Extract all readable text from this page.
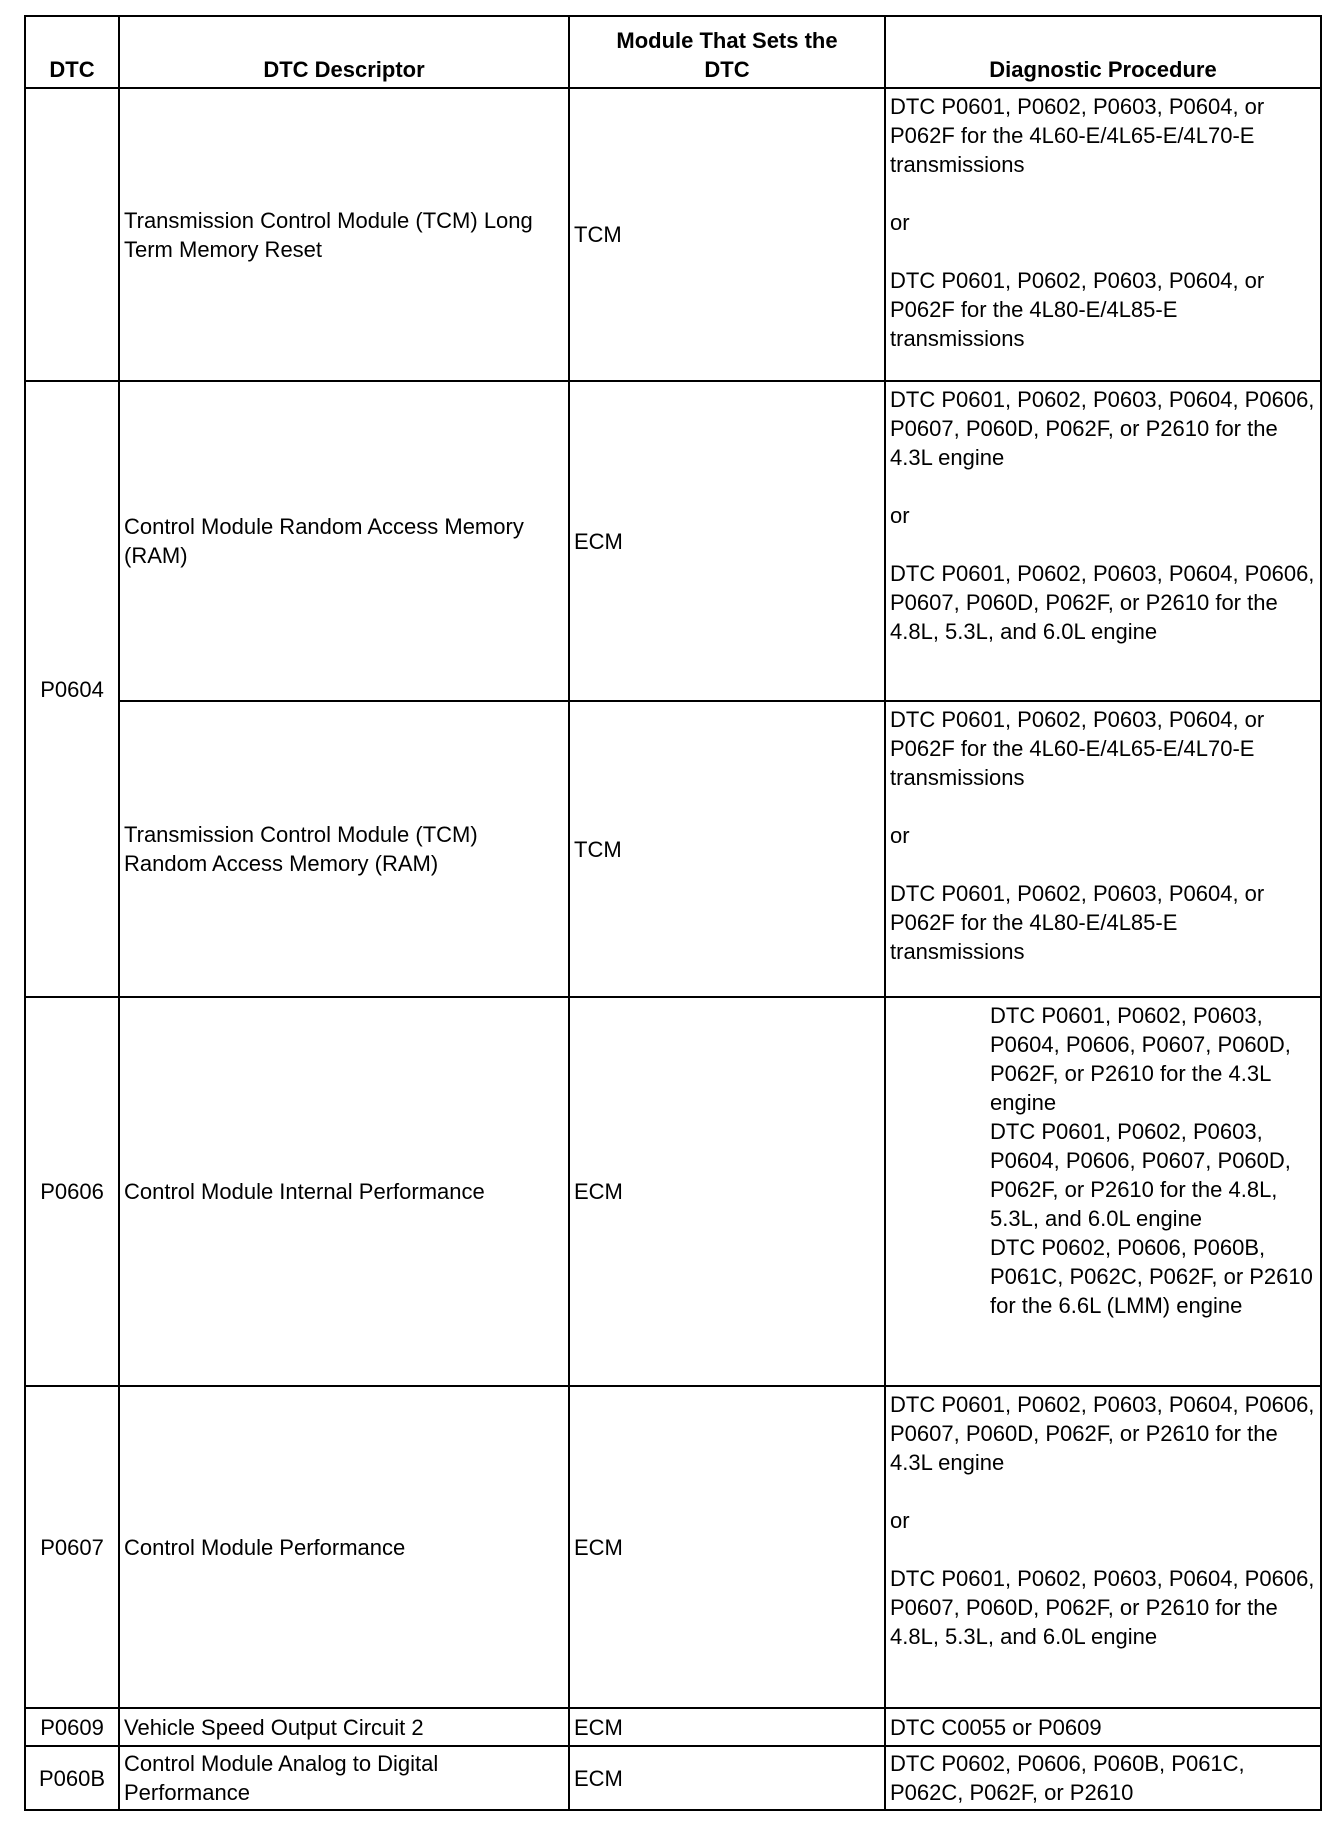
DTC	DTC Descriptor	Module That Sets the DTC	Diagnostic Procedure
	Transmission Control Module (TCM) Long Term Memory Reset	TCM	DTC P0601, P0602, P0603, P0604, or P062F for the 4L60-E/4L65-E/4L70-E transmissions
or
DTC P0601, P0602, P0603, P0604, or P062F for the 4L80-E/4L85-E transmissions

P0604	Control Module Random Access Memory (RAM)	ECM	DTC P0601, P0602, P0603, P0604, P0606, P0607, P060D, P062F, or P2610 for the 4.3L engine
or
DTC P0601, P0602, P0603, P0604, P0606, P0607, P060D, P062F, or P2610 for the 4.8L, 5.3L, and 6.0L engine

	Transmission Control Module (TCM) Random Access Memory (RAM)	TCM	DTC P0601, P0602, P0603, P0604, or P062F for the 4L60-E/4L65-E/4L70-E transmissions
or
DTC P0601, P0602, P0603, P0604, or P062F for the 4L80-E/4L85-E transmissions

P0606	Control Module Internal Performance	ECM	DTC P0601, P0602, P0603, P0604, P0606, P0607, P060D, P062F, or P2610 for the 4.3L engine
DTC P0601, P0602, P0603, P0604, P0606, P0607, P060D, P062F, or P2610 for the 4.8L, 5.3L, and 6.0L engine
DTC P0602, P0606, P060B, P061C, P062C, P062F, or P2610 for the 6.6L (LMM) engine

P0607	Control Module Performance	ECM	DTC P0601, P0602, P0603, P0604, P0606, P0607, P060D, P062F, or P2610 for the 4.3L engine
or
DTC P0601, P0602, P0603, P0604, P0606, P0607, P060D, P062F, or P2610 for the 4.8L, 5.3L, and 6.0L engine

P0609	Vehicle Speed Output Circuit 2	ECM	DTC C0055 or P0609
P060B	Control Module Analog to Digital Performance	ECM	DTC P0602, P0606, P060B, P061C, P062C, P062F, or P2610
